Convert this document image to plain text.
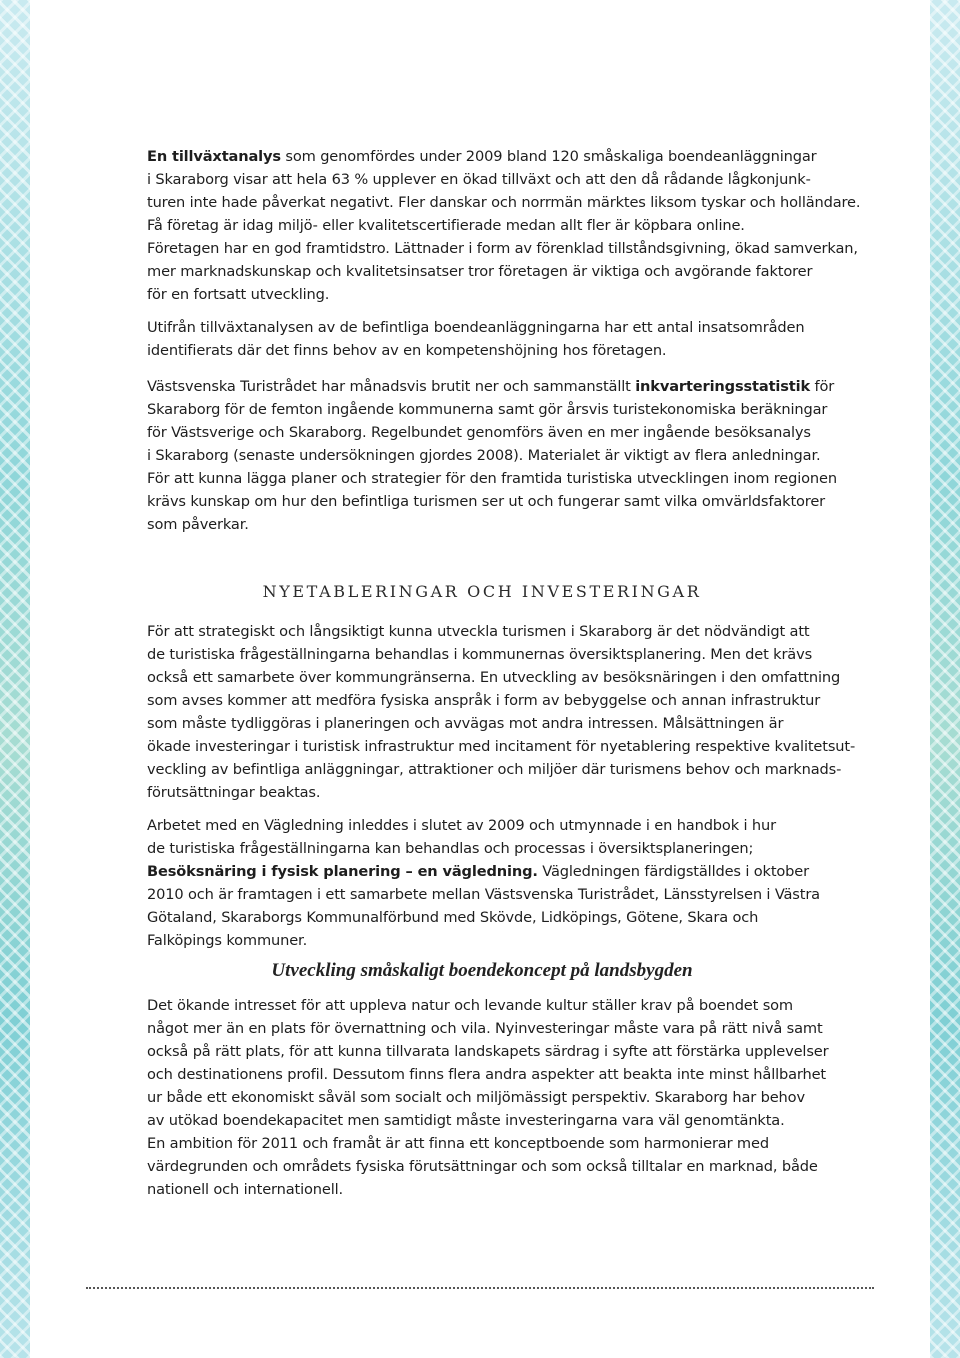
En tillväxtanalys som genomfördes under 2009 bland 120 småskaliga boendeanläggningar
i Skaraborg visar att hela 63 % upplever en ökad tillväxt och att den då rådande lågkonjunk-
turen inte hade påverkat negativt. Fler danskar och norrmän märktes liksom tyskar och holländare.
Få företag är idag miljö- eller kvalitetscertifierade medan allt fler är köpbara online.
Företagen har en god framtidstro. Lättnader i form av förenklad tillståndsgivning, ökad samverkan,
mer marknadskunskap och kvalitetsinsatser tror företagen är viktiga och avgörande faktorer
för en fortsatt utveckling.

Utifrån tillväxtanalysen av de befintliga boendeanläggningarna har ett antal insatsområden
identifierats där det finns behov av en kompetenshöjning hos företagen.

Västsvenska Turistrådet har månadsvis brutit ner och sammanställt inkvarteringsstatistik för
Skaraborg för de femton ingående kommunerna samt gör årsvis turistekonomiska beräkningar
för Västsverige och Skaraborg. Regelbundet genomförs även en mer ingående besöksanalys
i Skaraborg (senaste undersökningen gjordes 2008). Materialet är viktigt av flera anledningar.
För att kunna lägga planer och strategier för den framtida turistiska utvecklingen inom regionen
krävs kunskap om hur den befintliga turismen ser ut och fungerar samt vilka omvärldsfaktorer
som påverkar.

NYETABLERINGAR OCH INVESTERINGAR

För att strategiskt och långsiktigt kunna utveckla turismen i Skaraborg är det nödvändigt att
de turistiska frågeställningarna behandlas i kommunernas översiktsplanering. Men det krävs
också ett samarbete över kommungränserna. En utveckling av besöksnäringen i den omfattning
som avses kommer att medföra fysiska anspråk i form av bebyggelse och annan infrastruktur
som måste tydliggöras i planeringen och avvägas mot andra intressen. Målsättningen är
ökade investeringar i turistisk infrastruktur med incitament för nyetablering respektive kvalitetsut-
veckling av befintliga anläggningar, attraktioner och miljöer där turismens behov och marknads-
förutsättningar beaktas.

Arbetet med en Vägledning inleddes i slutet av 2009 och utmynnade i en handbok i hur
de turistiska frågeställningarna kan behandlas och processas i översiktsplaneringen;
Besöksnäring i fysisk planering – en vägledning. Vägledningen färdigställdes i oktober
2010 och är framtagen i ett samarbete mellan Västsvenska Turistrådet, Länsstyrelsen i Västra
Götaland, Skaraborgs Kommunalförbund med Skövde, Lidköpings, Götene, Skara och
Falköpings kommuner.

Utveckling småskaligt boendekoncept på landsbygden

Det ökande intresset för att uppleva natur och levande kultur ställer krav på boendet som
något mer än en plats för övernattning och vila. Nyinvesteringar måste vara på rätt nivå samt
också på rätt plats, för att kunna tillvarata landskapets särdrag i syfte att förstärka upplevelser
och destinationens profil. Dessutom finns flera andra aspekter att beakta inte minst hållbarhet
ur både ett ekonomiskt såväl som socialt och miljömässigt perspektiv. Skaraborg har behov
av utökad boendekapacitet men samtidigt måste investeringarna vara väl genomtänkta.
En ambition för 2011 och framåt är att finna ett konceptboende som harmonierar med
värdegrunden och områdets fysiska förutsättningar och som också tilltalar en marknad, både
nationell och internationell.
